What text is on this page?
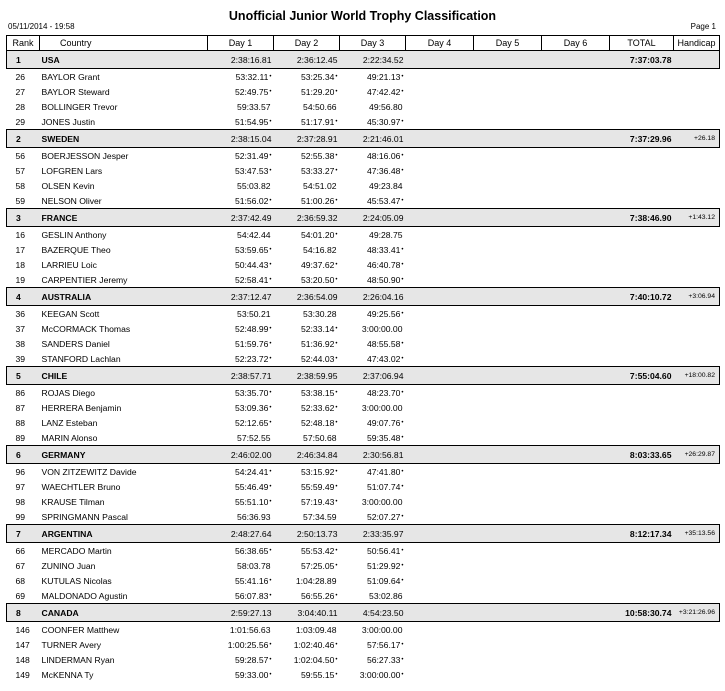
05/11/2014 - 19:58
Unofficial Junior World Trophy Classification
Page 1
Rank	Country	Day 1	Day 2	Day 3	Day 4	Day 5	Day 6	TOTAL	Handicap
1	USA	2:38:16.81	2:36:12.45	2:22:34.52				7:37:03.78	
26	BAYLOR Grant	53:32.11•	53:25.34•	49:21.13•					
27	BAYLOR Steward	52:49.75•	51:29.20•	47:42.42•					
28	BOLLINGER Trevor	59:33.57	54:50.66	49:56.80					
29	JONES Justin	51:54.95•	51:17.91•	45:30.97•					
2	SWEDEN	2:38:15.04	2:37:28.91	2:21:46.01				7:37:29.96	+26.18
56	BOERJESSON Jesper	52:31.49•	52:55.38•	48:16.06•					
57	LOFGREN Lars	53:47.53•	53:33.27•	47:36.48•					
58	OLSEN Kevin	55:03.82	54:51.02	49:23.84					
59	NELSON Oliver	51:56.02•	51:00.26•	45:53.47•					
3	FRANCE	2:37:42.49	2:36:59.32	2:24:05.09				7:38:46.90	+1:43.12
16	GESLIN Anthony	54:42.44	54:01.20•	49:28.75					
17	BAZERQUE Theo	53:59.65•	54:16.82	48:33.41•					
18	LARRIEU Loic	50:44.43•	49:37.62•	46:40.78•					
19	CARPENTIER Jeremy	52:58.41•	53:20.50•	48:50.90•					
4	AUSTRALIA	2:37:12.47	2:36:54.09	2:26:04.16				7:40:10.72	+3:06.94
36	KEEGAN Scott	53:50.21	53:30.28	49:25.56•					
37	McCORMACK Thomas	52:48.99•	52:33.14•	3:00:00.00					
38	SANDERS Daniel	51:59.76•	51:36.92•	48:55.58•					
39	STANFORD Lachlan	52:23.72•	52:44.03•	47:43.02•					
5	CHILE	2:38:57.71	2:38:59.95	2:37:06.94				7:55:04.60	+18:00.82
86	ROJAS Diego	53:35.70•	53:38.15•	48:23.70•					
87	HERRERA Benjamin	53:09.36•	52:33.62•	3:00:00.00					
88	LANZ Esteban	52:12.65•	52:48.18•	49:07.76•					
89	MARIN Alonso	57:52.55	57:50.68	59:35.48•					
6	GERMANY	2:46:02.00	2:46:34.84	2:30:56.81				8:03:33.65	+26:29.87
96	VON ZITZEWITZ Davide	54:24.41•	53:15.92•	47:41.80•					
97	WAECHTLER Bruno	55:46.49•	55:59.49•	51:07.74•					
98	KRAUSE Tilman	55:51.10•	57:19.43•	3:00:00.00					
99	SPRINGMANN Pascal	56:36.93	57:34.59	52:07.27•					
7	ARGENTINA	2:48:27.64	2:50:13.73	2:33:35.97				8:12:17.34	+35:13.56
66	MERCADO Martin	56:38.65•	55:53.42•	50:56.41•					
67	ZUNINO Juan	58:03.78	57:25.05•	51:29.92•					
68	KUTULAS Nicolas	55:41.16•	1:04:28.89	51:09.64•					
69	MALDONADO Agustin	56:07.83•	56:55.26•	53:02.86					
8	CANADA	2:59:27.13	3:04:40.11	4:54:23.50				10:58:30.74	+3:21:26.96
146	COONFER Matthew	1:01:56.63	1:03:09.48	3:00:00.00					
147	TURNER Avery	1:00:25.56•	1:02:40.46•	57:56.17•					
148	LINDERMAN Ryan	59:28.57•	1:02:04.50•	56:27.33•					
149	McKENNA Ty	59:33.00•	59:55.15•	3:00:00.00•					
